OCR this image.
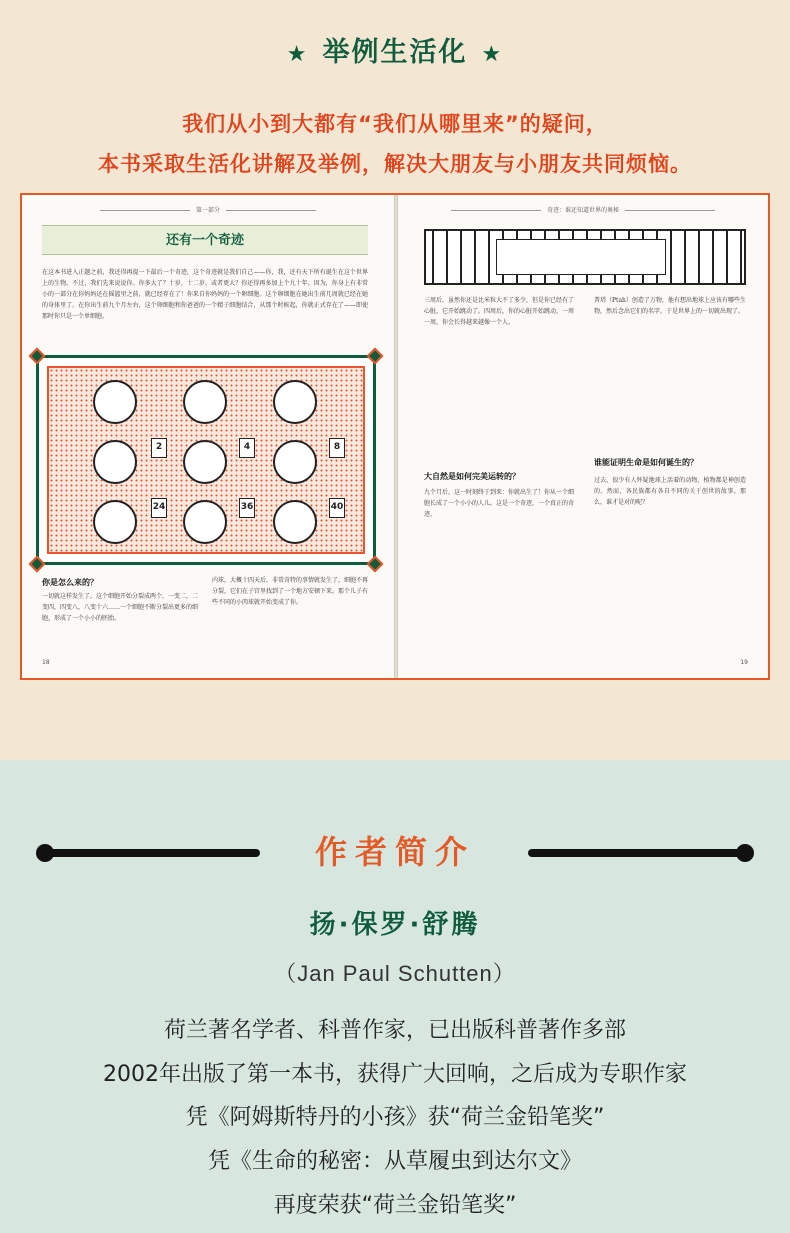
★ 举例生活化 ★
我们从小到大都有“我们从哪里来”的疑问，
本书采取生活化讲解及举例，解决大朋友与小朋友共同烦恼。
第一部分
还有一个奇迹
在这本书进入正题之前，我还得再提一下最后一个奇迹，这个奇迹就是我们自己——你，我，还有天下所有诞生在这个世界上的生物。不过，我们先来说说你。你多大了？十岁，十二岁，或者更大？你还得再多加上个九十年。因为，你身上有非常小的一部分在你妈妈还在摇篮里之前，就已经存在了！你来自你妈妈的一个卵细胞。这个卵细胞在她出生前几周就已经在她的身体里了。在你出生前九个月左右，这个卵细胞和你爸爸的一个精子细胞结合，从那个时候起，你就正式存在了——即使那时你只是一个单细胞。
2	4	8
24	36	40
你是怎么来的？
一切就这样发生了。这个细胞开始分裂成两个，一变二，二变四，四变八，八变十六……一个细胞不断分裂出更多的细胞，形成了一个小小的胚胎。
内球，大概十四天后，非常奇特的事情就发生了，细胞不再分裂，它们在子宫里找到了一个地方安顿下来。那个儿子有些不同的小肉球就开始变成了你。
18
奇迹：谁还知道世界的奥秘
三周后，虽然你还是比米粒大不了多少，但是你已经有了心脏，它开始跳动了。四周后，你的心脏开始跳动，一周一周，你会长得越来越像一个人。
普塔（Ptah）创造了万物，他有想出地球上应该有哪些生物，然后念出它们的名字，于是世界上的一切就出现了。
大自然是如何完美运转的？
九个月后，这一时刻终于到来：你就出生了！你从一个细胞长成了一个小小的人儿。这是一个奇迹，一个真正的奇迹。
谁能证明生命是如何诞生的？
过去，很少有人怀疑地球上活着的动物、植物都是神创造的。然而，各民族都有各自不同的关于创世的故事。那么，谁才是对的呢？
19
作者简介
扬·保罗·舒腾
（Jan Paul Schutten）
荷兰著名学者、科普作家，已出版科普著作多部
2002年出版了第一本书，获得广大回响，之后成为专职作家
凭《阿姆斯特丹的小孩》获“荷兰金铅笔奖”
凭《生命的秘密：从草履虫到达尔文》
再度荣获“荷兰金铅笔奖”
